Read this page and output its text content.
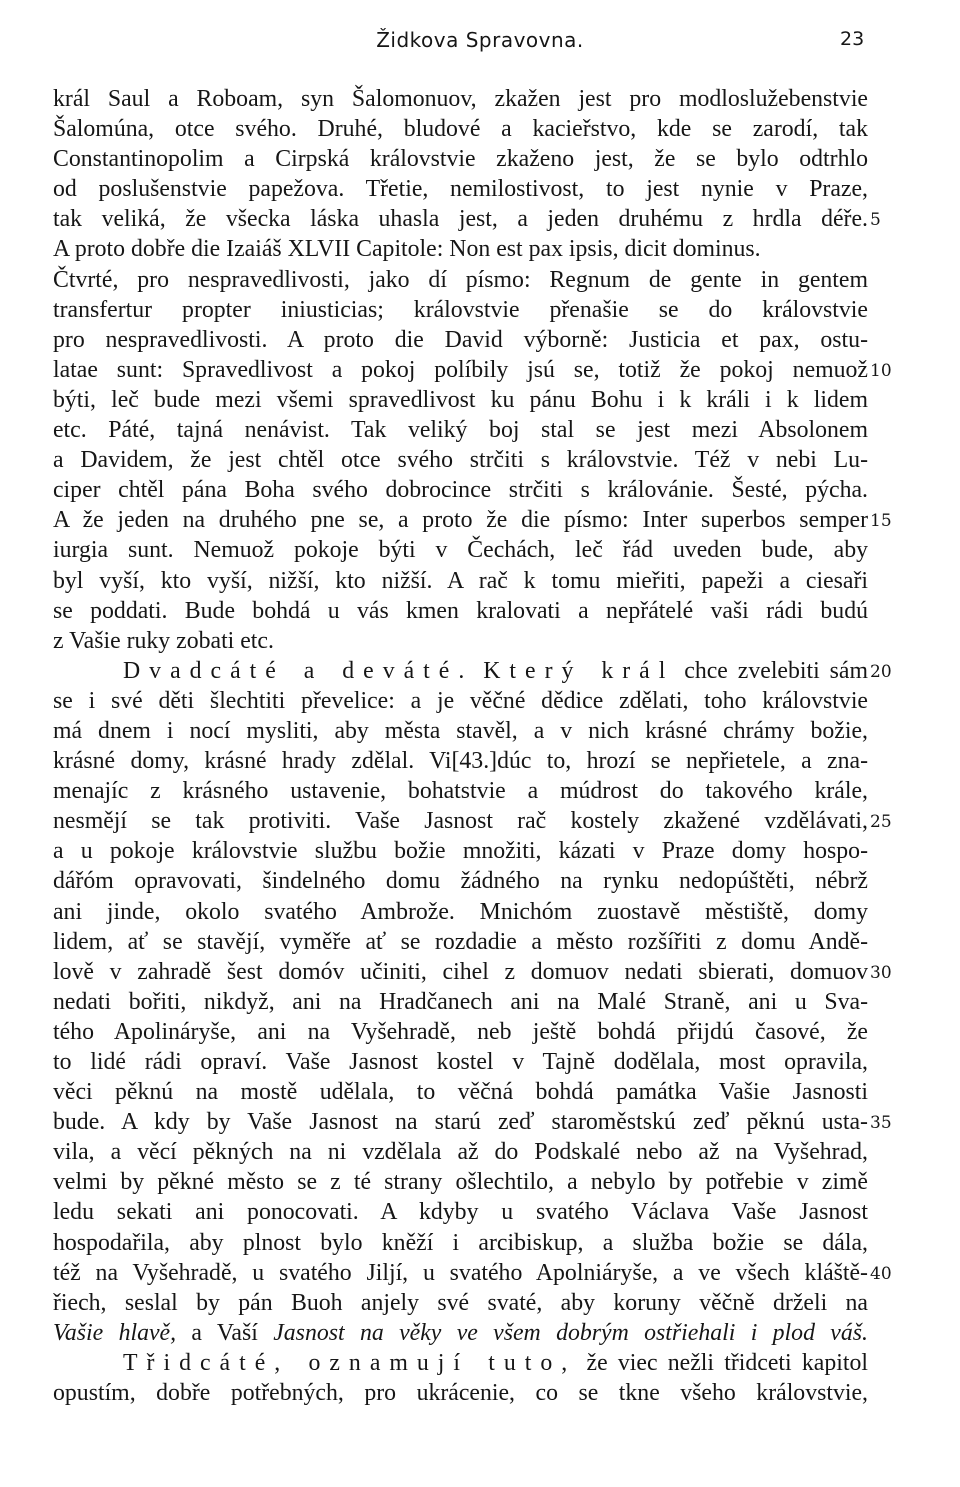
Židkova Spravovna.	23
král Saul a Roboam, syn Šalomonuov, zkažen jest pro modloslužebenstvie
Šalomúna, otce svého. Druhé, bludové a kacieřstvo, kde se zarodí, tak
Constantinopolim a Cirpská královstvie zkaženo jest, že se bylo odtrhlo
od poslušenstvie papežova. Třetie, nemilostivost, to jest nynie v Praze,
tak veliká, že všecka láska uhasla jest, a jeden druhému z hrdla déře.
A proto dobře die Izaiáš XLVII Capitole: Non est pax ipsis, dicit dominus.
Čtvrté, pro nespravedlivosti, jako dí písmo: Regnum de gente in gentem
transfertur propter iniusticias; královstvie přenašie se do královstvie
pro nespravedlivosti. A proto die David výborně: Justicia et pax, ostu-
latae sunt: Spravedlivost a pokoj políbily jsú se, totiž že pokoj nemuož
býti, leč bude mezi všemi spravedlivost ku pánu Bohu i k králi i k lidem
etc. Páté, tajná nenávist. Tak veliký boj stal se jest mezi Absolonem
a Davidem, že jest chtěl otce svého strčiti s královstvie. Též v nebi Lu-
ciper chtěl pána Boha svého dobrocince strčiti s královánie. Šesté, pýcha.
A že jeden na druhého pne se, a proto že die písmo: Inter superbos semper
iurgia sunt. Nemuož pokoje býti v Čechách, leč řád uveden bude, aby
byl vyší, kto vyší, nižší, kto nižší. A rač k tomu mieřiti, papeži a ciesaři
se poddati. Bude bohdá u vás kmen kralovati a nepřátelé vaši rádi budú
z Vašie ruky zobati etc.
Dvadcáté a deváté. Který král chce zvelebiti sám
se i své děti šlechtiti převelice: a je věčné dědice zdělati, toho královstvie
má dnem i nocí mysliti, aby města stavěl, a v nich krásné chrámy božie,
krásné domy, krásné hrady zdělal. Vi[43.]dúc to, hrozí se nepřietele, a zna-
menajíc z krásného ustavenie, bohatstvie a múdrost do takového krále,
nesmějí se tak protiviti. Vaše Jasnost rač kostely zkažené vzdělávati,
a u pokoje královstvie službu božie množiti, kázati v Praze domy hospo-
dářóm opravovati, šindelného domu žádného na rynku nedopúštěti, nébrž
ani jinde, okolo svatého Ambrože. Mnichóm zuostavě městiště, domy
lidem, ať se stavějí, vyměře ať se rozdadie a město rozšířiti z domu Andě-
lově v zahradě šest domóv učiniti, cihel z domuov nedati sbierati, domuov
nedati bořiti, nikdyž, ani na Hradčanech ani na Malé Straně, ani u Sva-
tého Apolináryše, ani na Vyšehradě, neb ještě bohdá přijdú časové, že
to lidé rádi opraví. Vaše Jasnost kostel v Tajně dodělala, most opravila,
věci pěknú na mostě udělala, to věčná bohdá památka Vašie Jasnosti
bude. A kdy by Vaše Jasnost na starú zeď staroměstskú zeď pěknú usta-
vila, a věcí pěkných na ni vzdělala až do Podskalé nebo až na Vyšehrad,
velmi by pěkné město se z té strany ošlechtilo, a nebylo by potřebie v zimě
ledu sekati ani ponocovati. A kdyby u svatého Václava Vaše Jasnost
hospodařila, aby plnost bylo kněží i arcibiskup, a služba božie se dála,
též na Vyšehradě, u svatého Jiljí, u svatého Apolniáryše, a ve všech kláště-
řiech, seslal by pán Buoh anjely své svaté, aby koruny věčně drželi na
Vašie hlavě, a Vaší Jasnost na věky ve všem dobrým ostřiehali i plod váš.
Třidcáté, oznamují tuto, že viec nežli třidceti kapitol
opustím, dobře potřebných, pro ukrácenie, co se tkne všeho královstvie,
5
10
15
20
25
30
35
40
